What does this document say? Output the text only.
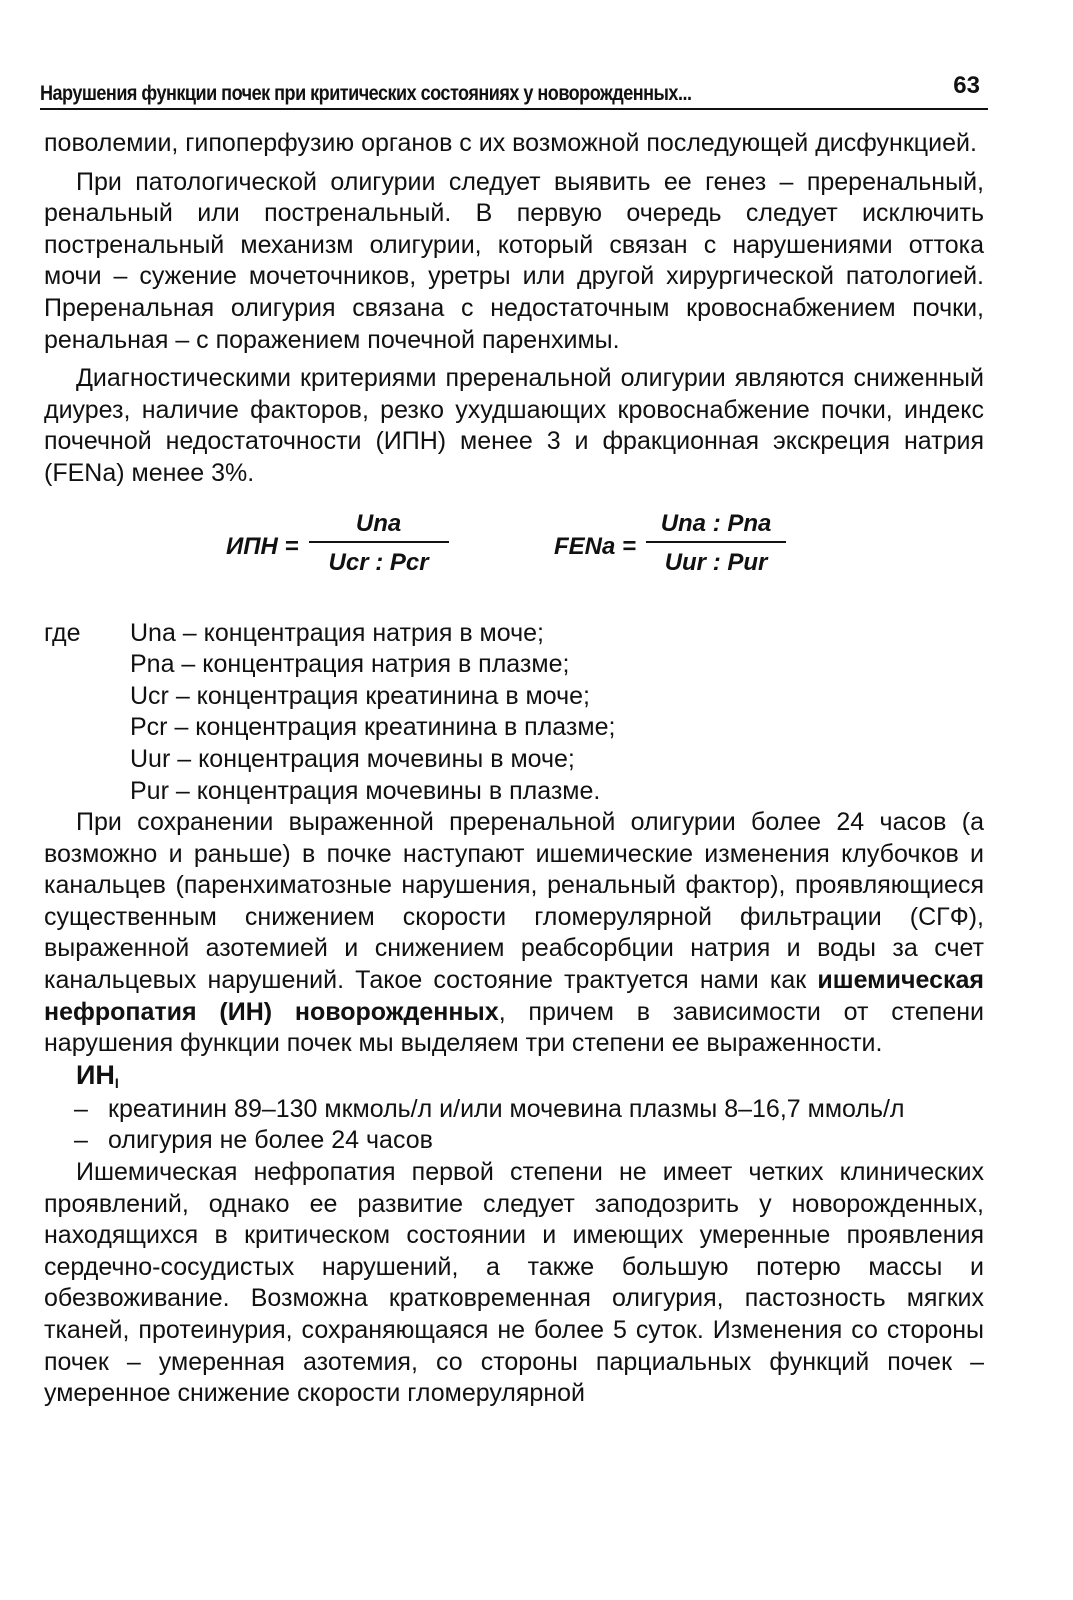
Нарушения функции почек при критических состояниях у новорожденных...	63

поволемии, гипоперфузию органов с их возможной последующей дисфункцией.

При патологической олигурии следует выявить ее генез – преренальный, ренальный или постренальный. В первую очередь следует исключить постренальный механизм олигурии, который связан с нарушениями оттока мочи – сужение мочеточников, уретры или другой хирургической патологией. Преренальная олигурия связана с недостаточным кровоснабжением почки, ренальная – с поражением почечной паренхимы.

Диагностическими критериями преренальной олигурии являются сниженный диурез, наличие факторов, резко ухудшающих кровоснабжение почки, индекс почечной недостаточности (ИПН) менее 3 и фракционная экскреция натрия (FENa) менее 3%.

ИПН = $\frac{\text{Una}}{\text{Ucr : Pcr}}$	FENa = $\frac{\text{Una : Pna}}{\text{Uur : Pur}}$
где	Una – концентрация натрия в моче;
Pna – концентрация натрия в плазме;
Ucr – концентрация креатинина в моче;
Pcr – концентрация креатинина в плазме;
Uur – концентрация мочевины в моче;
Pur – концентрация мочевины в плазме.

При сохранении выраженной преренальной олигурии более 24 часов (а возможно и раньше) в почке наступают ишемические изменения клубочков и канальцев (паренхиматозные нарушения, ренальный фактор), проявляющиеся существенным снижением скорости гломерулярной фильтрации (СГФ), выраженной азотемией и снижением реабсорбции натрия и воды за счет канальцевых нарушений. Такое состояние трактуется нами как ишемическая нефропатия (ИН) новорожденных, причем в зависимости от степени нарушения функции почек мы выделяем три степени ее выраженности.

$ИН_I$
– креатинин 89–130 мкмоль/л и/или мочевина плазмы 8–16,7 ммоль/л
– олигурия не более 24 часов

Ишемическая нефропатия первой степени не имеет четких клинических проявлений, однако ее развитие следует заподозрить у новорожденных, находящихся в критическом состоянии и имеющих умеренные проявления сердечно-сосудистых нарушений, а также большую потерю массы и обезвоживание. Возможна кратковременная олигурия, пастозность мягких тканей, протеинурия, сохраняющаяся не более 5 суток. Изменения со стороны почек – умеренная азотемия, со стороны парциальных функций почек – умеренное снижение скорости гломерулярной
